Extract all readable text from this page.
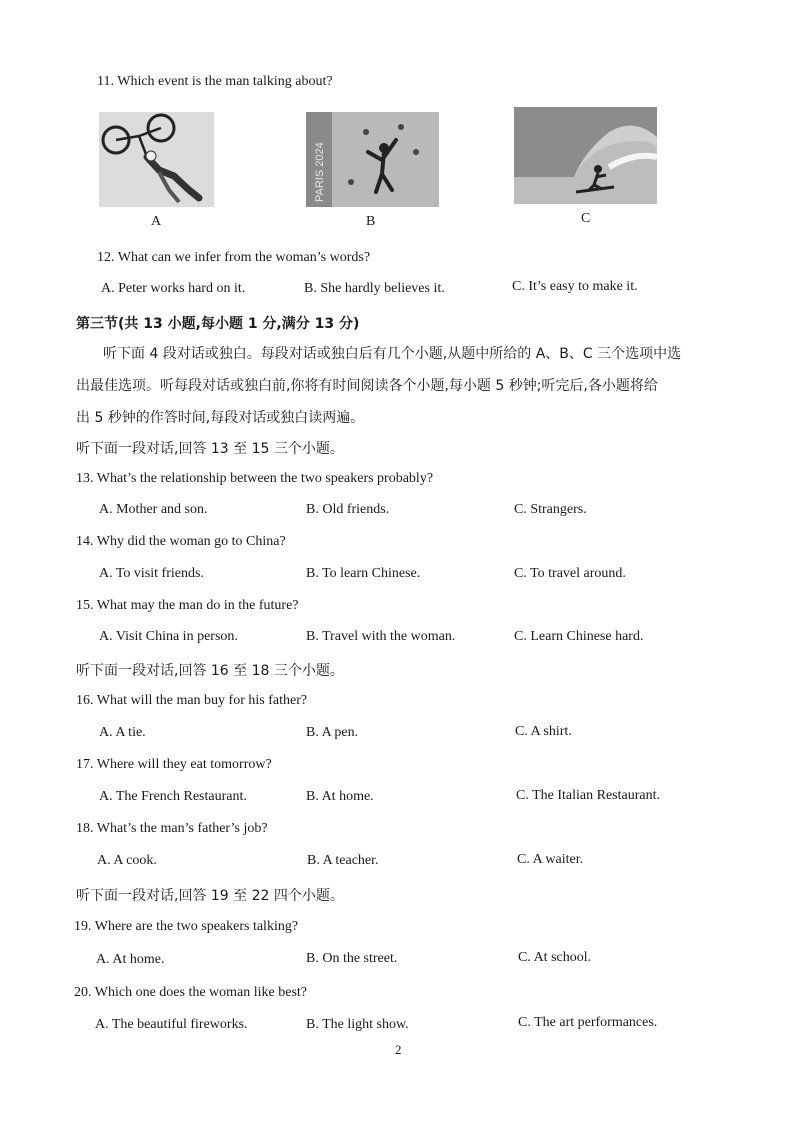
11. Which event is the man talking about?
A
PARIS 2024
B	C
12. What can we infer from the woman’s words?
A. Peter works hard on it.	B. She hardly believes it.	C. It’s easy to make it.
第三节(共 13 小题,每小题 1 分,满分 13 分)
听下面 4 段对话或独白。每段对话或独白后有几个小题,从题中所给的 A、B、C 三个选项中选
出最佳选项。听每段对话或独白前,你将有时间阅读各个小题,每小题 5 秒钟;听完后,各小题将给
出 5 秒钟的作答时间,每段对话或独白读两遍。
听下面一段对话,回答 13 至 15 三个小题。
13. What’s the relationship between the two speakers probably?
A. Mother and son.	B. Old friends.	C. Strangers.
14. Why did the woman go to China?
A. To visit friends.	B. To learn Chinese.	C. To travel around.
15. What may the man do in the future?
A. Visit China in person.	B. Travel with the woman.	C. Learn Chinese hard.
听下面一段对话,回答 16 至 18 三个小题。
16. What will the man buy for his father?
A. A tie.	B. A pen.	C. A shirt.
17. Where will they eat tomorrow?
A. The French Restaurant.	B. At home.	C. The Italian Restaurant.
18. What’s the man’s father’s job?
A. A cook.	B. A teacher.	C. A waiter.
听下面一段对话,回答 19 至 22 四个小题。
19. Where are the two speakers talking?
A. At home.	B. On the street.	C. At school.
20. Which one does the woman like best?
A. The beautiful fireworks.	B. The light show.	C. The art performances.
2
